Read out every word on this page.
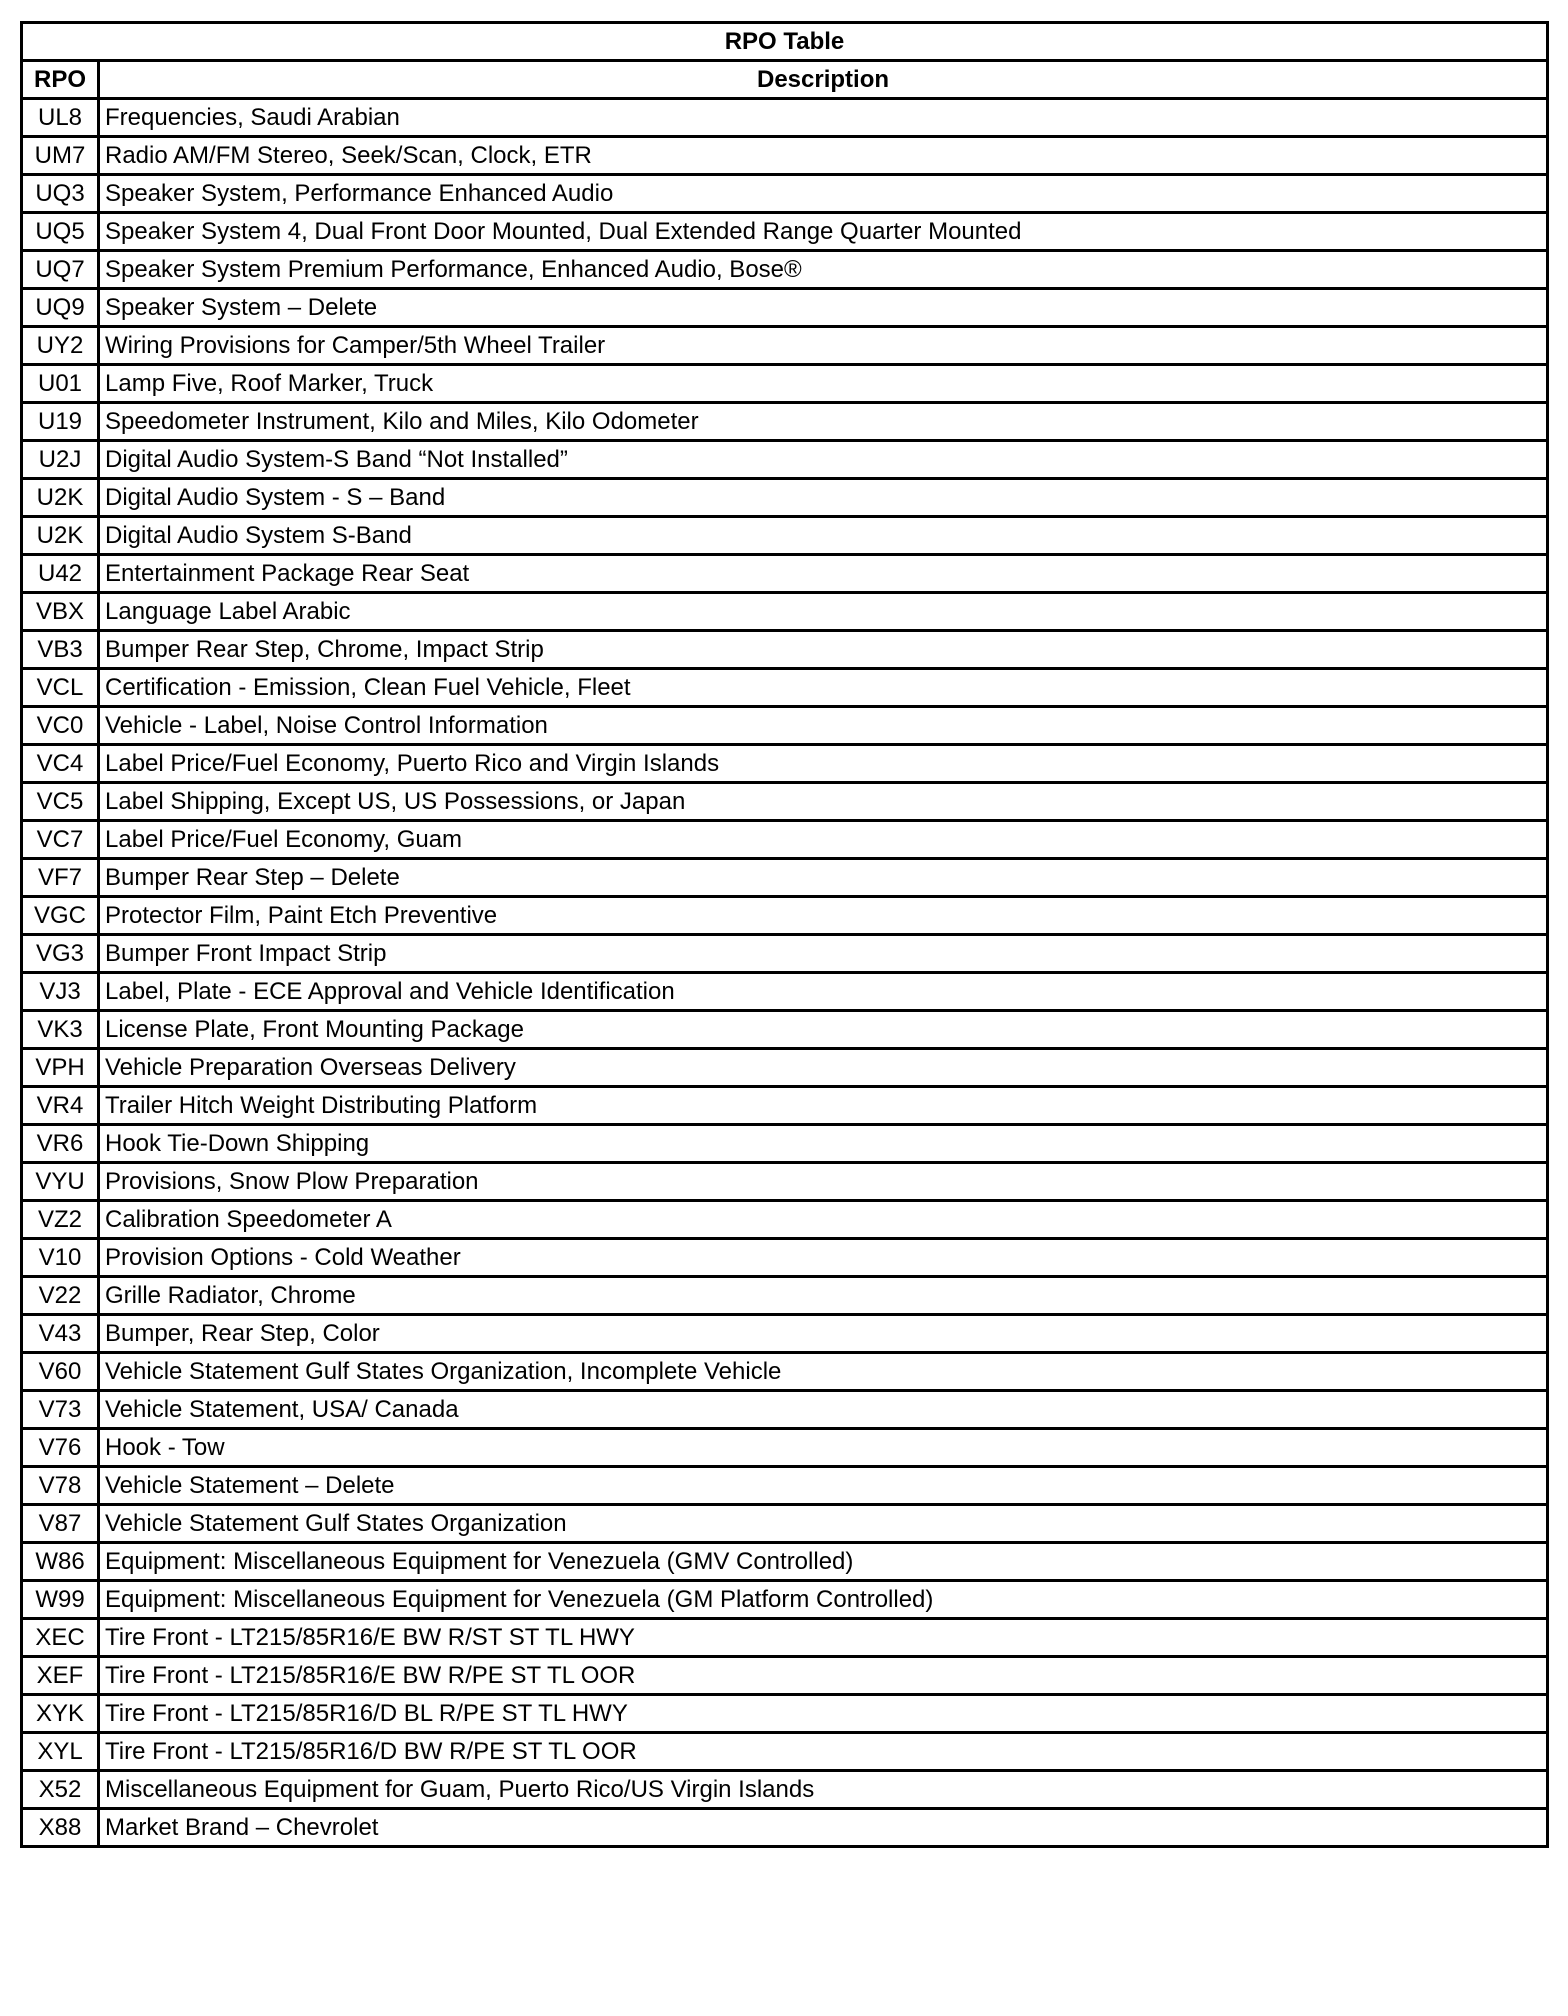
RPO Table	
RPO	Description
UL8	Frequencies, Saudi Arabian
UM7	Radio AM/FM Stereo, Seek/Scan, Clock, ETR
UQ3	Speaker System, Performance Enhanced Audio
UQ5	Speaker System 4, Dual Front Door Mounted, Dual Extended Range Quarter Mounted
UQ7	Speaker System Premium Performance, Enhanced Audio, Bose®
UQ9	Speaker System – Delete
UY2	Wiring Provisions for Camper/5th Wheel Trailer
U01	Lamp Five, Roof Marker, Truck
U19	Speedometer Instrument, Kilo and Miles, Kilo Odometer
U2J	Digital Audio System-S Band “Not Installed”
U2K	Digital Audio System - S – Band
U2K	Digital Audio System S-Band
U42	Entertainment Package Rear Seat
VBX	Language Label Arabic
VB3	Bumper Rear Step, Chrome, Impact Strip
VCL	Certification - Emission, Clean Fuel Vehicle, Fleet
VC0	Vehicle - Label, Noise Control Information
VC4	Label Price/Fuel Economy, Puerto Rico and Virgin Islands
VC5	Label Shipping, Except US, US Possessions, or Japan
VC7	Label Price/Fuel Economy, Guam
VF7	Bumper Rear Step – Delete
VGC	Protector Film, Paint Etch Preventive
VG3	Bumper Front Impact Strip
VJ3	Label, Plate - ECE Approval and Vehicle Identification
VK3	License Plate, Front Mounting Package
VPH	Vehicle Preparation Overseas Delivery
VR4	Trailer Hitch Weight Distributing Platform
VR6	Hook Tie-Down Shipping
VYU	Provisions, Snow Plow Preparation
VZ2	Calibration Speedometer A
V10	Provision Options - Cold Weather
V22	Grille Radiator, Chrome
V43	Bumper, Rear Step, Color
V60	Vehicle Statement Gulf States Organization, Incomplete Vehicle
V73	Vehicle Statement, USA/ Canada
V76	Hook - Tow
V78	Vehicle Statement – Delete
V87	Vehicle Statement Gulf States Organization
W86	Equipment: Miscellaneous Equipment for Venezuela (GMV Controlled)
W99	Equipment: Miscellaneous Equipment for Venezuela (GM Platform Controlled)
XEC	Tire Front - LT215/85R16/E BW R/ST ST TL HWY
XEF	Tire Front - LT215/85R16/E BW R/PE ST TL OOR
XYK	Tire Front - LT215/85R16/D BL R/PE ST TL HWY
XYL	Tire Front - LT215/85R16/D BW R/PE ST TL OOR
X52	Miscellaneous Equipment for Guam, Puerto Rico/US Virgin Islands
X88	Market Brand – Chevrolet
